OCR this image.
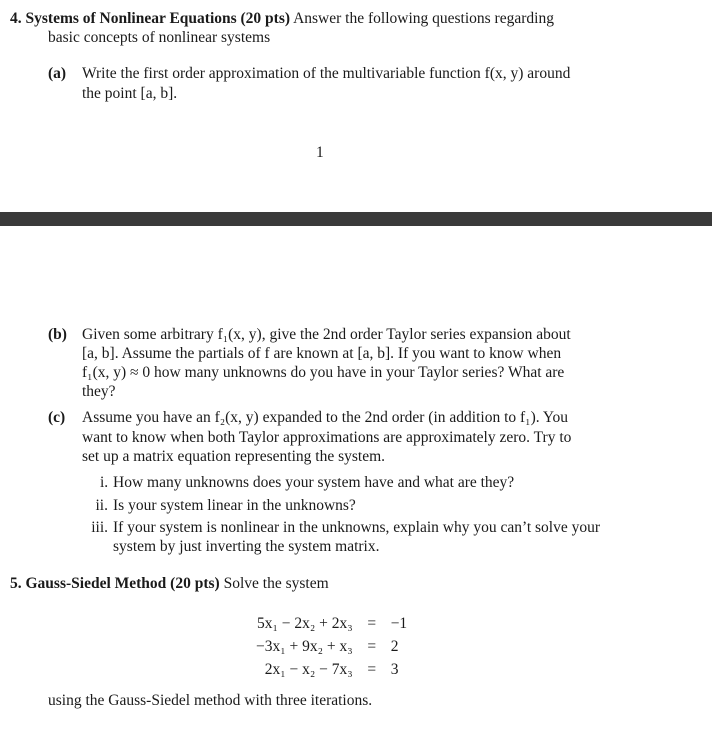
4. Systems of Nonlinear Equations (20 pts) Answer the following questions regarding
basic concepts of nonlinear systems
(a) Write the first order approximation of the multivariable function f(x, y) around
the point [a, b].
1
(b) Given some arbitrary f₁(x, y), give the 2nd order Taylor series expansion about
[a, b]. Assume the partials of f are known at [a, b]. If you want to know when
f₁(x, y) ≈ 0 how many unknowns do you have in your Taylor series? What are
they?
(c) Assume you have an f₂(x, y) expanded to the 2nd order (in addition to f₁). You
want to know when both Taylor approximations are approximately zero. Try to
set up a matrix equation representing the system.
i. How many unknowns does your system have and what are they?
ii. Is your system linear in the unknowns?
iii. If your system is nonlinear in the unknowns, explain why you can’t solve your
system by just inverting the system matrix.
5. Gauss-Siedel Method (20 pts) Solve the system
5x₁ − 2x₂ + 2x₃	=	−1
−3x₁ + 9x₂ + x₃	=	2
2x₁ − x₂ − 7x₃	=	3
using the Gauss-Siedel method with three iterations.
